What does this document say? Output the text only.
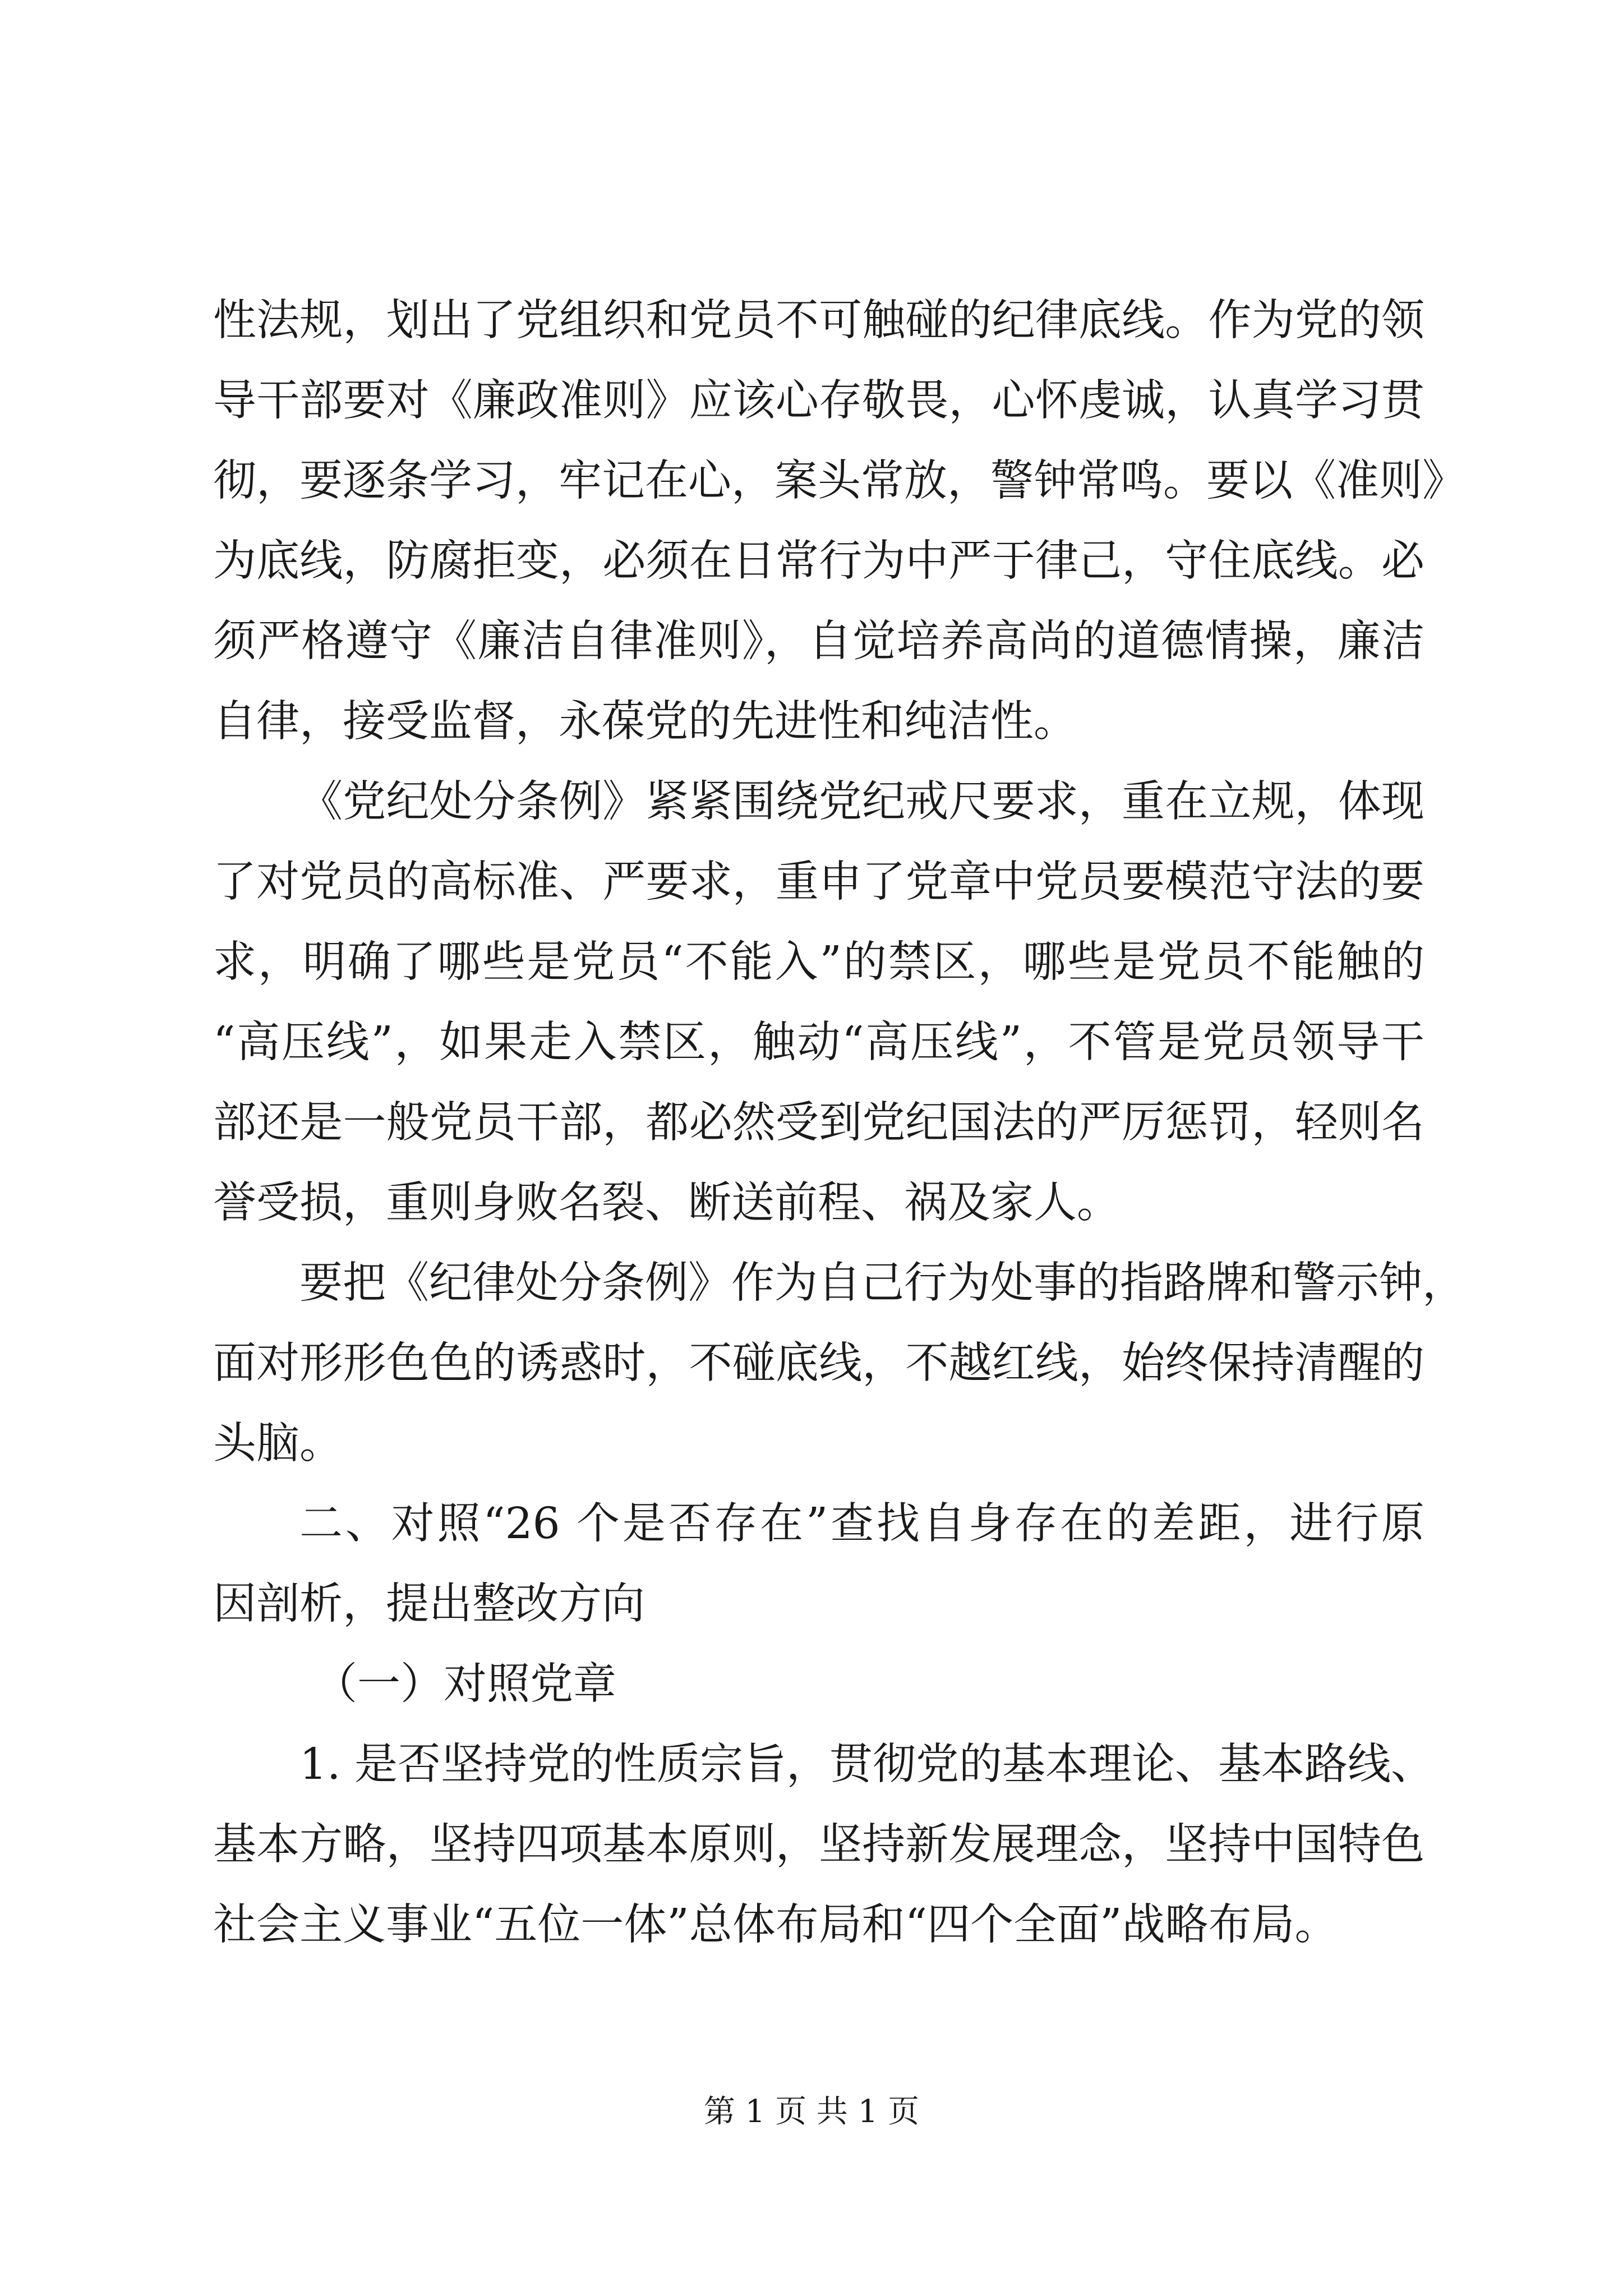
性法规，划出了党组织和党员不可触碰的纪律底线。作为党的领
导干部要对《廉政准则》应该心存敬畏，心怀虔诚，认真学习贯
彻，要逐条学习，牢记在心，案头常放，警钟常鸣。要以《准则》
为底线，防腐拒变，必须在日常行为中严于律己，守住底线。必
须严格遵守《廉洁自律准则》，自觉培养高尚的道德情操，廉洁
自律，接受监督，永葆党的先进性和纯洁性。
《党纪处分条例》紧紧围绕党纪戒尺要求，重在立规，体现
了对党员的高标准、严要求，重申了党章中党员要模范守法的要
求，明确了哪些是党员“不能入”的禁区，哪些是党员不能触的
“高压线”，如果走入禁区，触动“高压线”，不管是党员领导干
部还是一般党员干部，都必然受到党纪国法的严厉惩罚，轻则名
誉受损，重则身败名裂、断送前程、祸及家人。
要把《纪律处分条例》作为自己行为处事的指路牌和警示钟，
面对形形色色的诱惑时，不碰底线，不越红线，始终保持清醒的
头脑。
二、对照“26 个是否存在”查找自身存在的差距，进行原
因剖析，提出整改方向
（一）对照党章
1. 是否坚持党的性质宗旨，贯彻党的基本理论、基本路线、
基本方略，坚持四项基本原则，坚持新发展理念，坚持中国特色
社会主义事业“五位一体”总体布局和“四个全面”战略布局。
第 1 页 共 1 页
